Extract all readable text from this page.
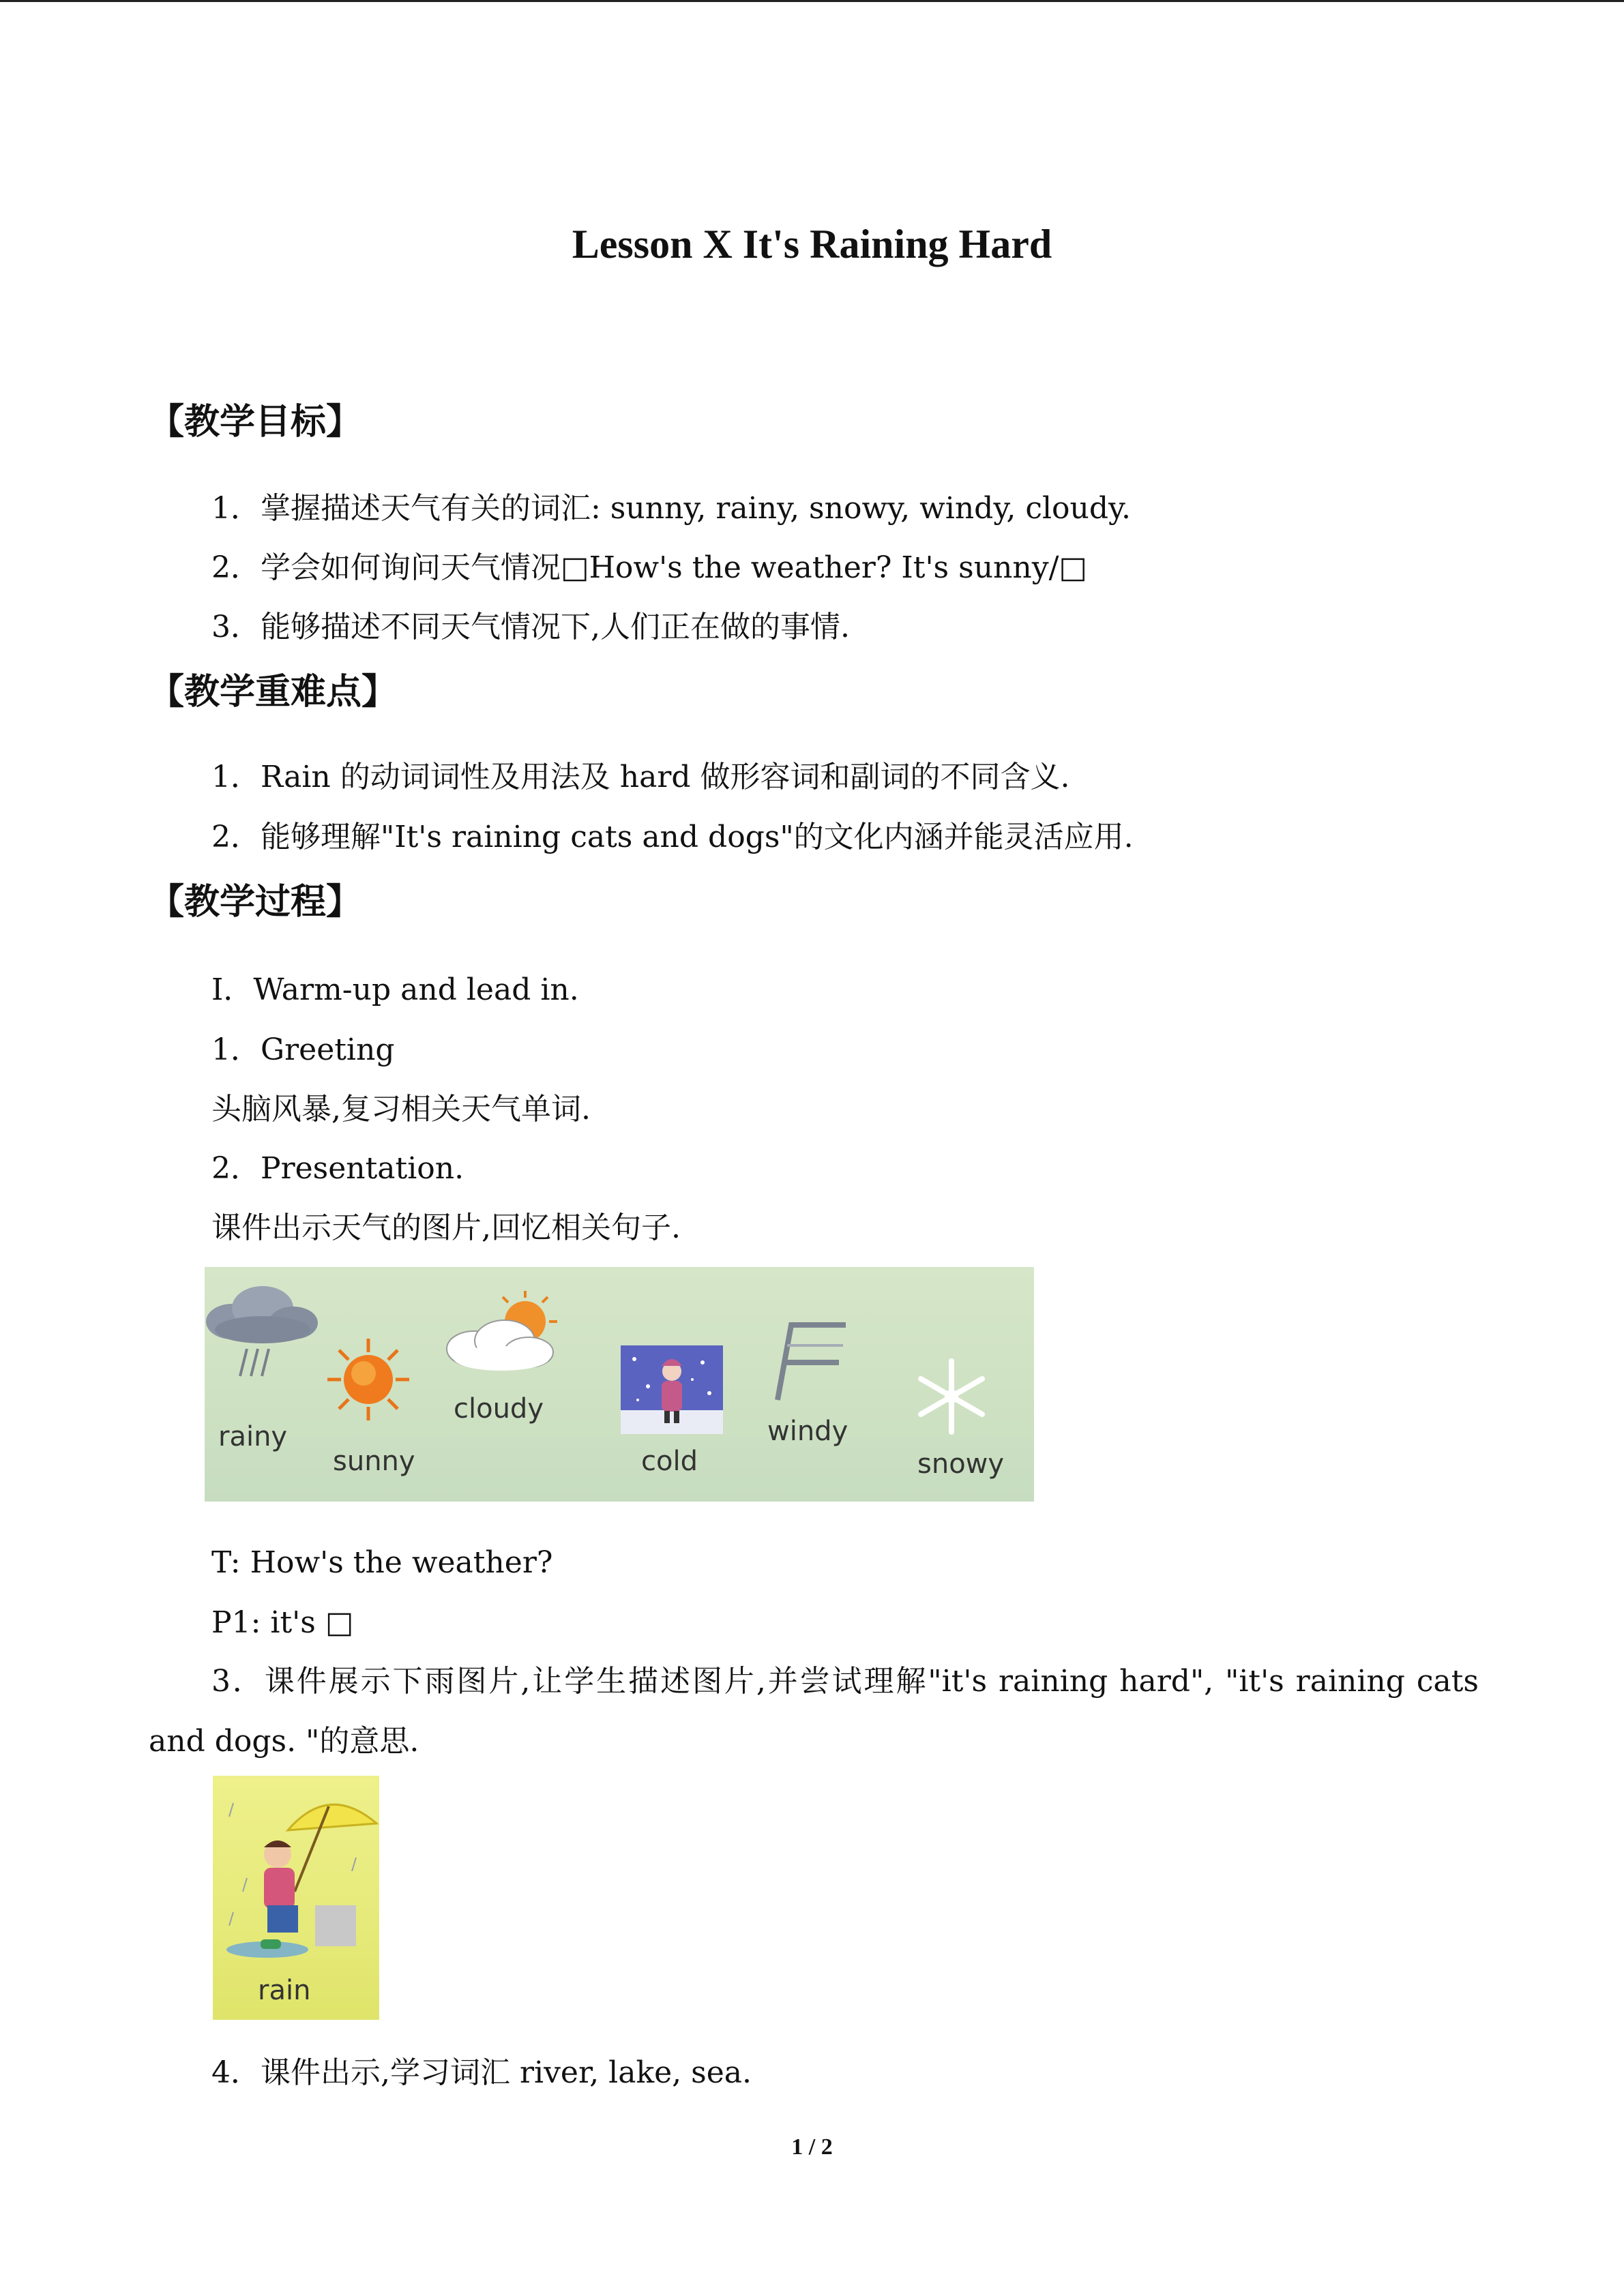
Lesson X It's Raining Hard
【教学目标】
1．掌握描述天气有关的词汇: sunny, rainy, snowy, windy, cloudy.
2．学会如何询问天气情况□How's the weather? It's sunny/□
3．能够描述不同天气情况下,人们正在做的事情.
【教学重难点】
1．Rain 的动词词性及用法及 hard 做形容词和副词的不同含义.
2．能够理解"It's raining cats and dogs"的文化内涵并能灵活应用.
【教学过程】
Ⅰ．Warm-up and lead in.
1．Greeting
头脑风暴,复习相关天气单词.
2．Presentation.
课件出示天气的图片,回忆相关句子.
rainy
sunny
cloudy
cold
windy
snowy
T: How's the weather?
P1: it's □
3．课件展示下雨图片,让学生描述图片,并尝试理解"it's raining hard", "it's raining cats and dogs. "的意思.
rain
4．课件出示,学习词汇 river, lake, sea.
1 / 2
